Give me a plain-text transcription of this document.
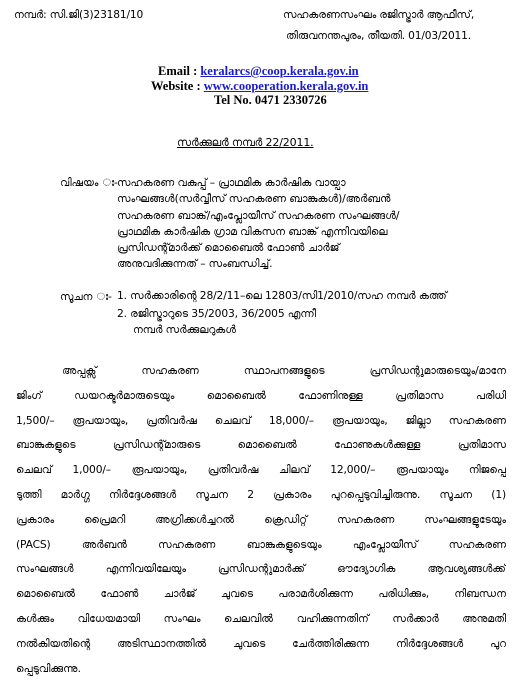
നമ്പർ: സി.ജി(3)23181/10	സഹകരണസംഘം രജിസ്ട്രാർ ആഫീസ്,
തിരുവനന്തപുരം, തീയതി. 01/03/2011.
Email : keralarcs@coop.kerala.gov.in
Website : www.cooperation.kerala.gov.in
Tel No. 0471 2330726
സർക്കുലർ നമ്പർ 22/2011.
വിഷയം ഃ- സഹകരണ വകുപ്പ് – പ്രാഥമിക കാർഷിക വായ്പാ
സംഘങ്ങൾ(സർവ്വീസ് സഹകരണ ബാങ്കുകൾ)/അർബൻ
സഹകരണ ബാങ്ക്/എംപ്ലോയീസ് സഹകരണ സംഘങ്ങൾ/
പ്രാഥമിക കാർഷിക ഗ്രാമ വികസന ബാങ്ക് എന്നിവയിലെ
പ്രസിഡന്റ്മാർക്ക് മൊബൈൽ ഫോൺ ചാർജ്
അനുവദിക്കുന്നത് – സംബന്ധിച്ച്.
സൂചന ഃ- 1. സർക്കാരിന്റെ 28/2/11–ലെ 12803/സി1/2010/സഹ നമ്പർ കത്ത്
2. രജിസ്ട്രാറുടെ 35/2003, 36/2005 എന്നീ
നമ്പർ സർക്കുലറുകൾ
അപ്പക്സ് സഹകരണ സ്ഥാപനങ്ങളുടെ പ്രസിഡന്റുമാരുടെയും/മാനേ
ജിംഗ് ഡയറക്ടർമാരുടെയും മൊബൈൽ ഫോണിനുള്ള പ്രതിമാസ പരിധി
1,500/– രൂപയായും, പ്രതിവർഷ ചെലവ് 18,000/– രൂപയായും, ജില്ലാ സഹകരണ
ബാങ്കുകളുടെ പ്രസിഡന്റ്മാരുടെ മൊബൈൽ ഫോണുകൾക്കുള്ള പ്രതിമാസ
ചെലവ് 1,000/– രൂപയായും, പ്രതിവർഷ ചിലവ് 12,000/– രൂപയായും നിജപ്പെ
ടുത്തി മാർഗ്ഗ നിർദ്ദേശങ്ങൾ സൂചന 2 പ്രകാരം പുറപ്പെടുവിച്ചിരുന്നു. സൂചന (1)
പ്രകാരം പ്രൈമറി അഗ്രിക്കൾച്ചറൽ ക്രെഡിറ്റ് സഹകരണ സംഘങ്ങളുടേയും
(PACS) അർബൻ സഹകരണ ബാങ്കുകളുടെയും എംപ്ലോയീസ് സഹകരണ
സംഘങ്ങൾ എന്നിവയിലേയും പ്രസിഡന്റുമാർക്ക് ഔദ്യോഗിക ആവശ്യങ്ങൾക്ക്
മൊബൈൽ ഫോൺ ചാർജ് ചുവടെ പരാമർശിക്കുന്ന പരിധിക്കും, നിബന്ധന
കൾക്കും വിധേയമായി സംഘം ചെലവിൽ വഹിക്കുന്നതിന് സർക്കാർ അനുമതി
നൽകിയതിന്റെ അടിസ്ഥാനത്തിൽ ചുവടെ ചേർത്തിരിക്കുന്ന നിർദ്ദേശങ്ങൾ പുറ
പ്പെടുവിക്കുന്നു.
